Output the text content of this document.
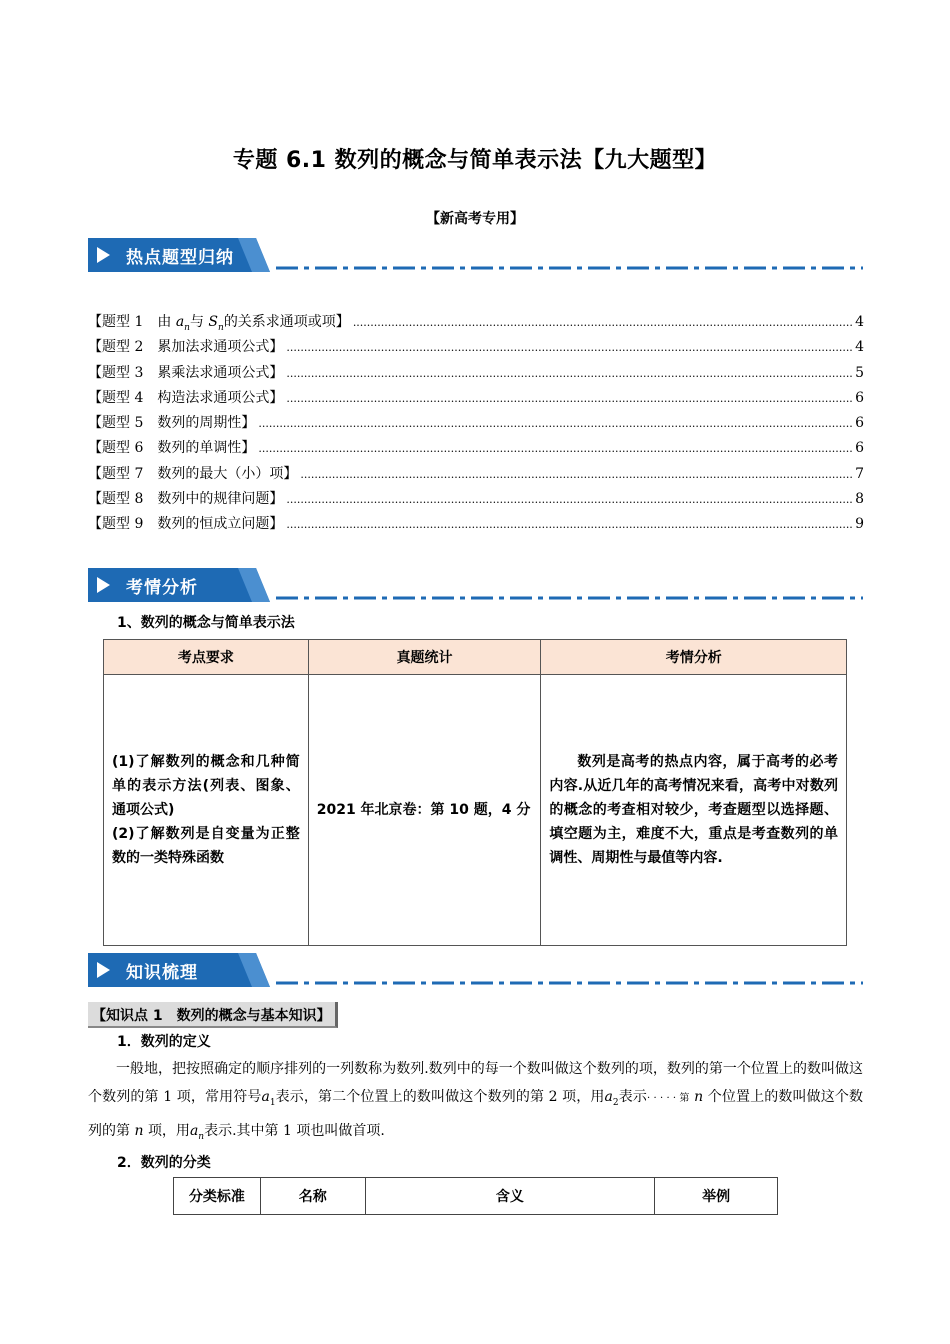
专题 6.1 数列的概念与简单表示法【九大题型】
【新高考专用】
热点题型归纳
【题型 1　由 $a_n$与 $S_n$的关系求通项或项】 .....	4
【题型 2　累加法求通项公式】 .....	4
【题型 3　累乘法求通项公式】 .....	5
【题型 4　构造法求通项公式】 .....	6
【题型 5　数列的周期性】 .....	6
【题型 6　数列的单调性】 .....	6
【题型 7　数列的最大（小）项】 .....	7
【题型 8　数列中的规律问题】 .....	8
【题型 9　数列的恒成立问题】 .....	9
考情分析
1、数列的概念与简单表示法
考点要求	真题统计	考情分析
(1)了解数列的概念和几种简单的表示方法(列表、图象、通项公式)
(2)了解数列是自变量为正整数的一类特殊函数	2021 年北京卷：第 10 题，4 分	数列是高考的热点内容，属于高考的必考内容.从近几年的高考情况来看，高考中对数列的概念的考查相对较少，考查题型以选择题、填空题为主，难度不大，重点是考查数列的单调性、周期性与最值等内容.
知识梳理
【知识点 1　数列的概念与基本知识】
1．数列的定义
一般地，把按照确定的顺序排列的一列数称为数列.数列中的每一个数叫做这个数列的项，数列的第一个位置上的数叫做这个数列的第 1 项，常用符号$a_1$表示，第二个位置上的数叫做这个数列的第 2 项，用$a_2$表示· · · · · 第 n 个位置上的数叫做这个数列的第 n 项，用$a_n$表示.其中第 1 项也叫做首项.
2．数列的分类
分类标准	名称	含义	举例
